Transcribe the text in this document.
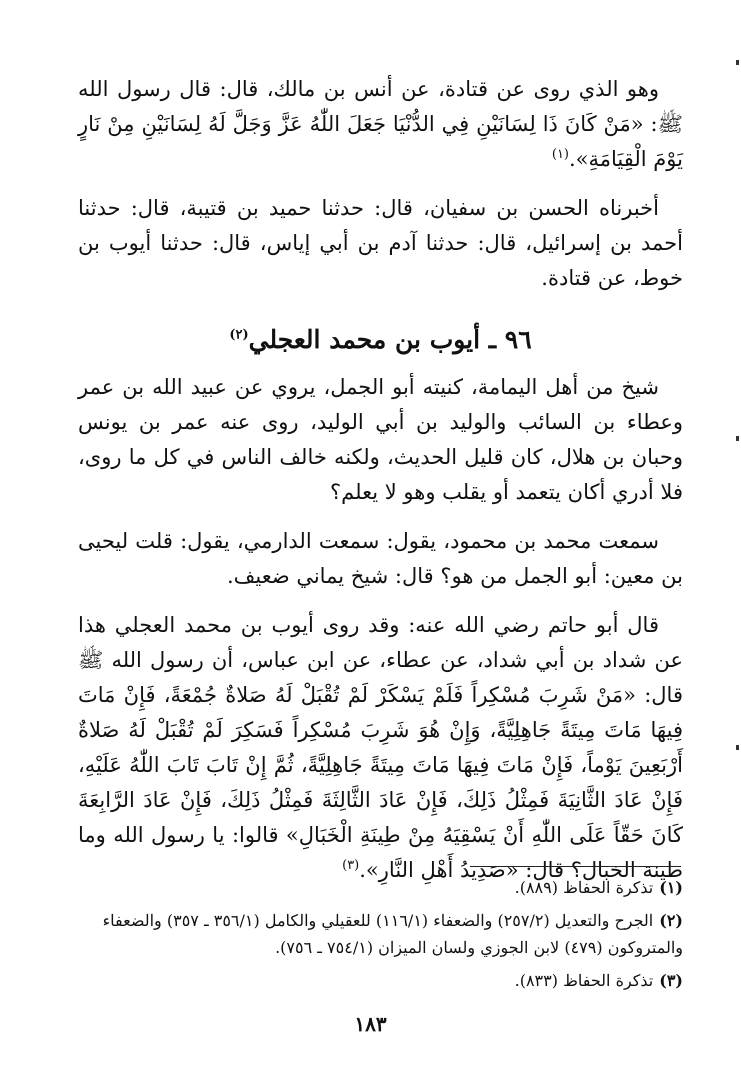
وهو الذي روى عن قتادة، عن أنس بن مالك، قال: قال رسول الله ﷺ: «مَنْ كَانَ ذَا لِسَانَيْنِ فِي الدُّنْيَا جَعَلَ اللّٰهُ عَزَّ وَجَلَّ لَهُ لِسَانَيْنِ مِنْ نَارٍ يَوْمَ الْقِيَامَةِ».$^{(١)}$

أخبرناه الحسن بن سفيان، قال: حدثنا حميد بن قتيبة، قال: حدثنا أحمد بن إسرائيل، قال: حدثنا آدم بن أبي إياس، قال: حدثنا أيوب بن خوط، عن قتادة.

٩٦ ـ أيوب بن محمد العجلي$^{(٢)}$

شيخ من أهل اليمامة، كنيته أبو الجمل، يروي عن عبيد الله بن عمر وعطاء بن السائب والوليد بن أبي الوليد، روى عنه عمر بن يونس وحبان بن هلال، كان قليل الحديث، ولكنه خالف الناس في كل ما روى، فلا أدري أكان يتعمد أو يقلب وهو لا يعلم؟

سمعت محمد بن محمود، يقول: سمعت الدارمي، يقول: قلت ليحيى بن معين: أبو الجمل من هو؟ قال: شيخ يماني ضعيف.

قال أبو حاتم رضي الله عنه: وقد روى أيوب بن محمد العجلي هذا عن شداد بن أبي شداد، عن عطاء، عن ابن عباس، أن رسول الله ﷺ قال: «مَنْ شَرِبَ مُسْكِراً فَلَمْ يَسْكَرْ لَمْ تُقْبَلْ لَهُ صَلاةٌ جُمْعَةً، فَإِنْ مَاتَ فِيهَا مَاتَ مِيتَةً جَاهِلِيَّةً، وَإِنْ هُوَ شَرِبَ مُسْكِراً فَسَكِرَ لَمْ تُقْبَلْ لَهُ صَلاةٌ أَرْبَعِينَ يَوْماً، فَإِنْ مَاتَ فِيهَا مَاتَ مِيتَةً جَاهِلِيَّةً، ثُمَّ إِنْ تَابَ تَابَ اللّٰهُ عَلَيْهِ، فَإِنْ عَادَ الثَّانِيَةَ فَمِثْلُ ذَلِكَ، فَإِنْ عَادَ الثَّالِثَةَ فَمِثْلُ ذَلِكَ، فَإِنْ عَادَ الرَّابِعَةَ كَانَ حَقّاً عَلَى اللّٰهِ أَنْ يَسْقِيَهُ مِنْ طِينَةِ الْخَبَالِ» قالوا: يا رسول الله وما طينة الخبال؟ قال: «صَدِيدُ أَهْلِ النَّارِ».$^{(٣)}$

(١)تذكرة الحفاظ (٨٨٩).

(٢)الجرح والتعديل (٢٥٧/٢) والضعفاء (١١٦/١) للعقيلي والكامل (٣٥٦/١ ـ ٣٥٧) والضعفاء والمتروكون (٤٧٩) لابن الجوزي ولسان الميزان (٧٥٤/١ ـ ٧٥٦).

(٣)تذكرة الحفاظ (٨٣٣).

١٨٣
